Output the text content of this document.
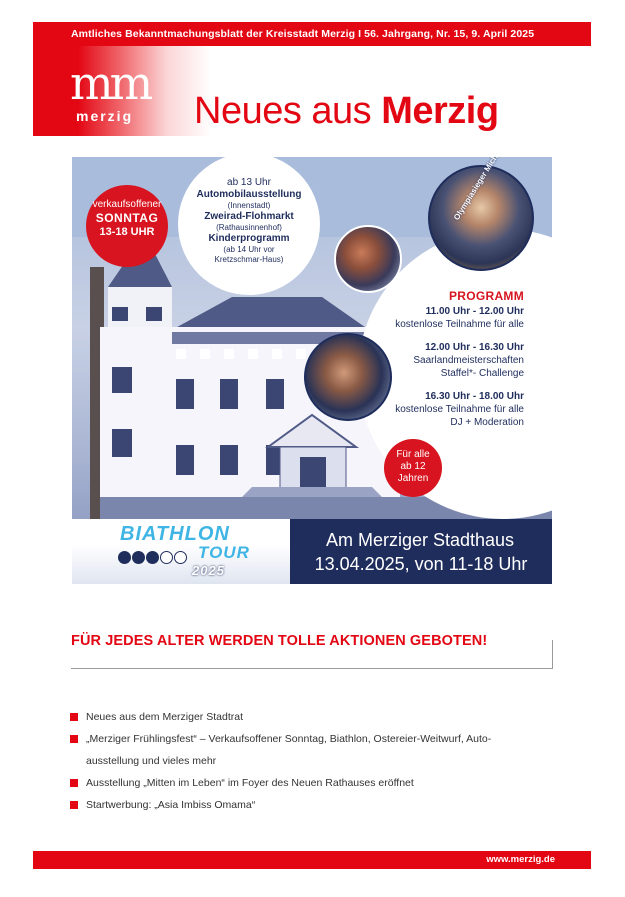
Amtliches Bekanntmachungsblatt der Kreisstadt Merzig I 56. Jahrgang, Nr. 15, 9. April 2025
mm
merzig Neues aus Merzig
verkaufsoffener
SONNTAG
13-18 UHR
ab 13 Uhr
Automobilausstellung
(Innenstadt)
Zweirad-Flohmarkt
(Rathausinnenhof)
Kinderprogramm
(ab 14 Uhr vor
Kretzschmar-Haus)
PROGRAMM
11.00 Uhr - 12.00 Uhr
kostenlose Teilnahme für alle
12.00 Uhr - 16.30 Uhr
Saarlandmeisterschaften
Staffel*- Challenge
16.30 Uhr - 18.00 Uhr
kostenlose Teilnahme für alle
DJ + Moderation
Für alle
ab 12
Jahren
BIATHLON
TOUR
2025
Am Merziger Stadthaus
13.04.2025, von 11-18 Uhr
FÜR JEDES ALTER WERDEN TOLLE AKTIONEN GEBOTEN!
Neues aus dem Merziger Stadtrat
„Merziger Frühlingsfest“ – Verkaufsoffener Sonntag, Biathlon, Ostereier-Weitwurf, Auto-
ausstellung und vieles mehr
Ausstellung „Mitten im Leben“ im Foyer des Neuen Rathauses eröffnet
Startwerbung: „Asia Imbiss Omama“
www.merzig.de
